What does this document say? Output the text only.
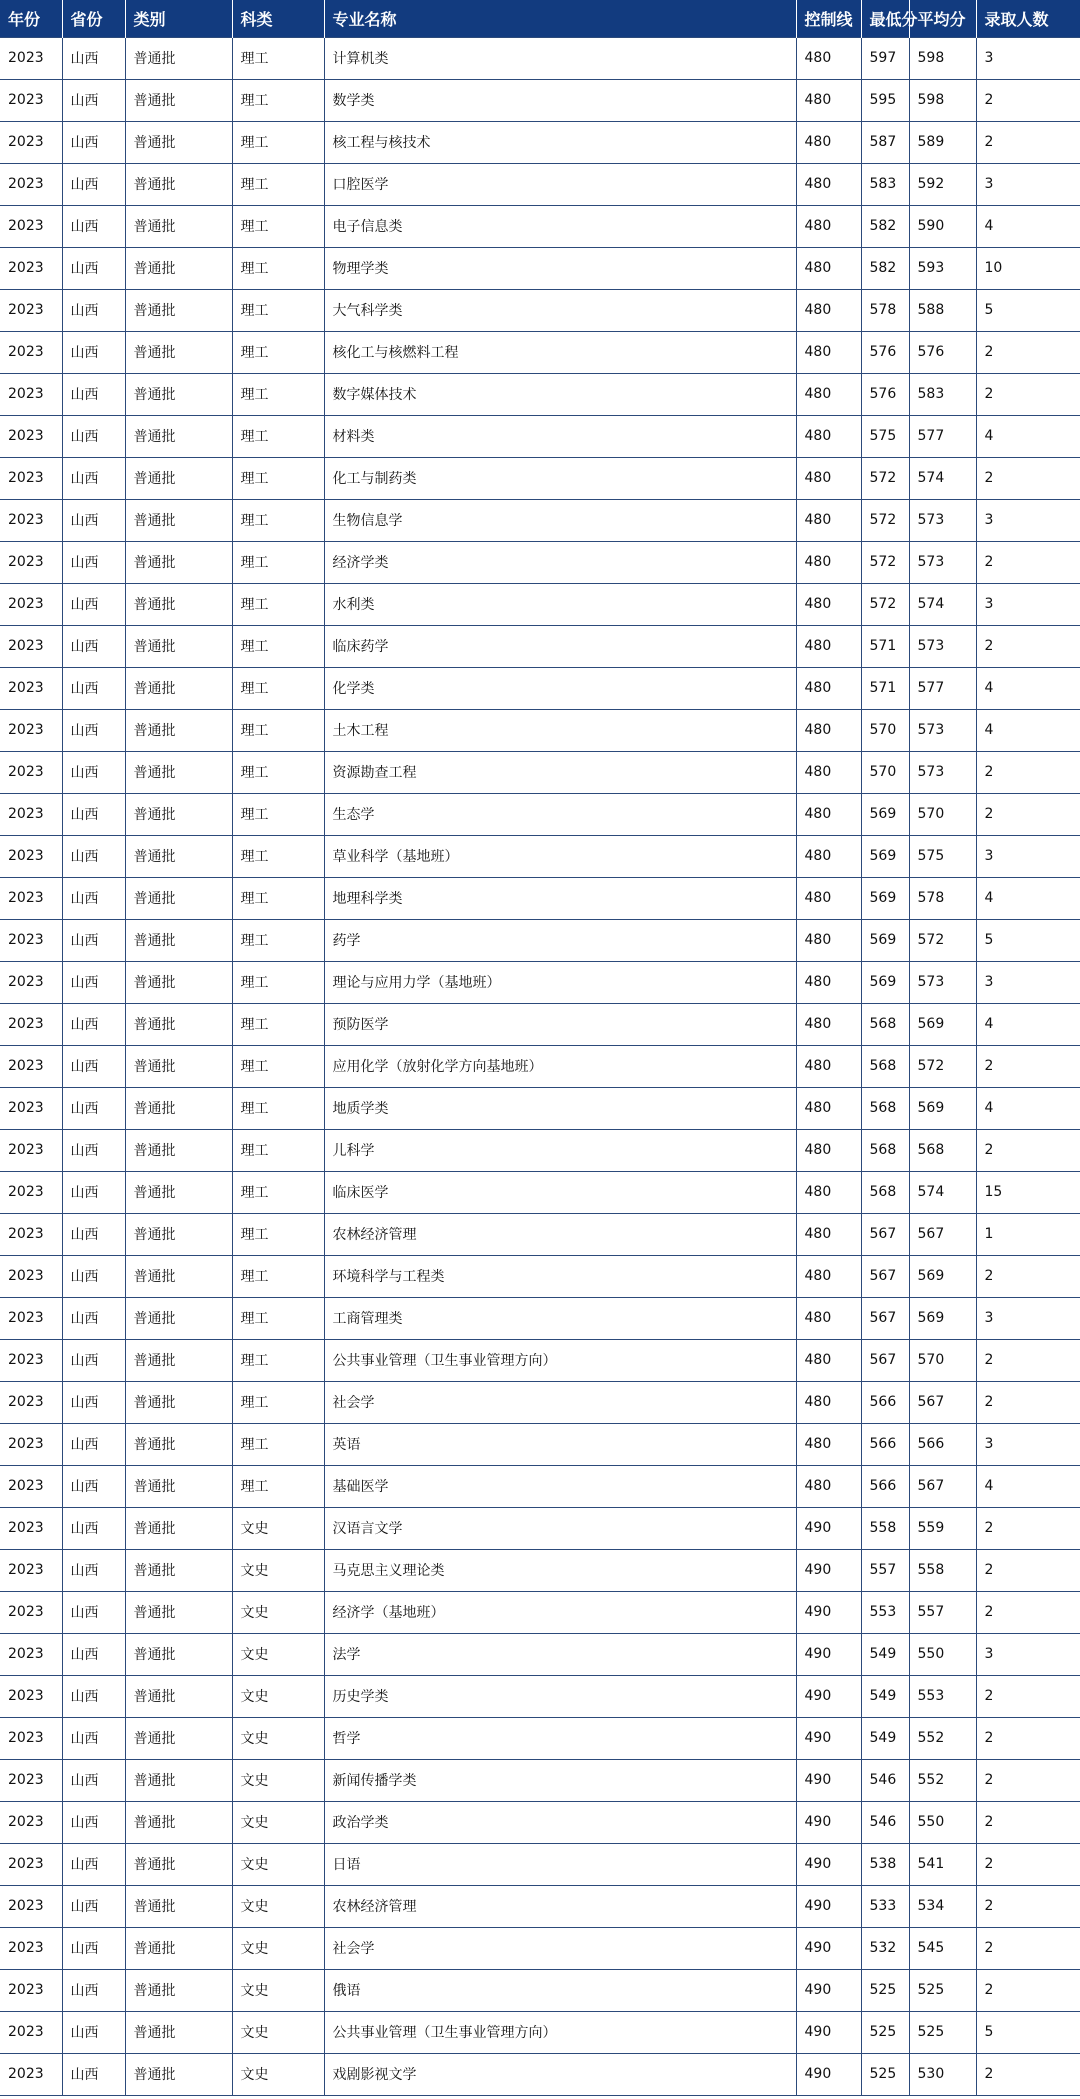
年份	省份	类别	科类	专业名称	控制线	最低分	平均分	录取人数
2023	山西	普通批	理工	计算机类	480	597	598	3
2023	山西	普通批	理工	数学类	480	595	598	2
2023	山西	普通批	理工	核工程与核技术	480	587	589	2
2023	山西	普通批	理工	口腔医学	480	583	592	3
2023	山西	普通批	理工	电子信息类	480	582	590	4
2023	山西	普通批	理工	物理学类	480	582	593	10
2023	山西	普通批	理工	大气科学类	480	578	588	5
2023	山西	普通批	理工	核化工与核燃料工程	480	576	576	2
2023	山西	普通批	理工	数字媒体技术	480	576	583	2
2023	山西	普通批	理工	材料类	480	575	577	4
2023	山西	普通批	理工	化工与制药类	480	572	574	2
2023	山西	普通批	理工	生物信息学	480	572	573	3
2023	山西	普通批	理工	经济学类	480	572	573	2
2023	山西	普通批	理工	水利类	480	572	574	3
2023	山西	普通批	理工	临床药学	480	571	573	2
2023	山西	普通批	理工	化学类	480	571	577	4
2023	山西	普通批	理工	土木工程	480	570	573	4
2023	山西	普通批	理工	资源勘查工程	480	570	573	2
2023	山西	普通批	理工	生态学	480	569	570	2
2023	山西	普通批	理工	草业科学（基地班）	480	569	575	3
2023	山西	普通批	理工	地理科学类	480	569	578	4
2023	山西	普通批	理工	药学	480	569	572	5
2023	山西	普通批	理工	理论与应用力学（基地班）	480	569	573	3
2023	山西	普通批	理工	预防医学	480	568	569	4
2023	山西	普通批	理工	应用化学（放射化学方向基地班）	480	568	572	2
2023	山西	普通批	理工	地质学类	480	568	569	4
2023	山西	普通批	理工	儿科学	480	568	568	2
2023	山西	普通批	理工	临床医学	480	568	574	15
2023	山西	普通批	理工	农林经济管理	480	567	567	1
2023	山西	普通批	理工	环境科学与工程类	480	567	569	2
2023	山西	普通批	理工	工商管理类	480	567	569	3
2023	山西	普通批	理工	公共事业管理（卫生事业管理方向）	480	567	570	2
2023	山西	普通批	理工	社会学	480	566	567	2
2023	山西	普通批	理工	英语	480	566	566	3
2023	山西	普通批	理工	基础医学	480	566	567	4
2023	山西	普通批	文史	汉语言文学	490	558	559	2
2023	山西	普通批	文史	马克思主义理论类	490	557	558	2
2023	山西	普通批	文史	经济学（基地班）	490	553	557	2
2023	山西	普通批	文史	法学	490	549	550	3
2023	山西	普通批	文史	历史学类	490	549	553	2
2023	山西	普通批	文史	哲学	490	549	552	2
2023	山西	普通批	文史	新闻传播学类	490	546	552	2
2023	山西	普通批	文史	政治学类	490	546	550	2
2023	山西	普通批	文史	日语	490	538	541	2
2023	山西	普通批	文史	农林经济管理	490	533	534	2
2023	山西	普通批	文史	社会学	490	532	545	2
2023	山西	普通批	文史	俄语	490	525	525	2
2023	山西	普通批	文史	公共事业管理（卫生事业管理方向）	490	525	525	5
2023	山西	普通批	文史	戏剧影视文学	490	525	530	2
